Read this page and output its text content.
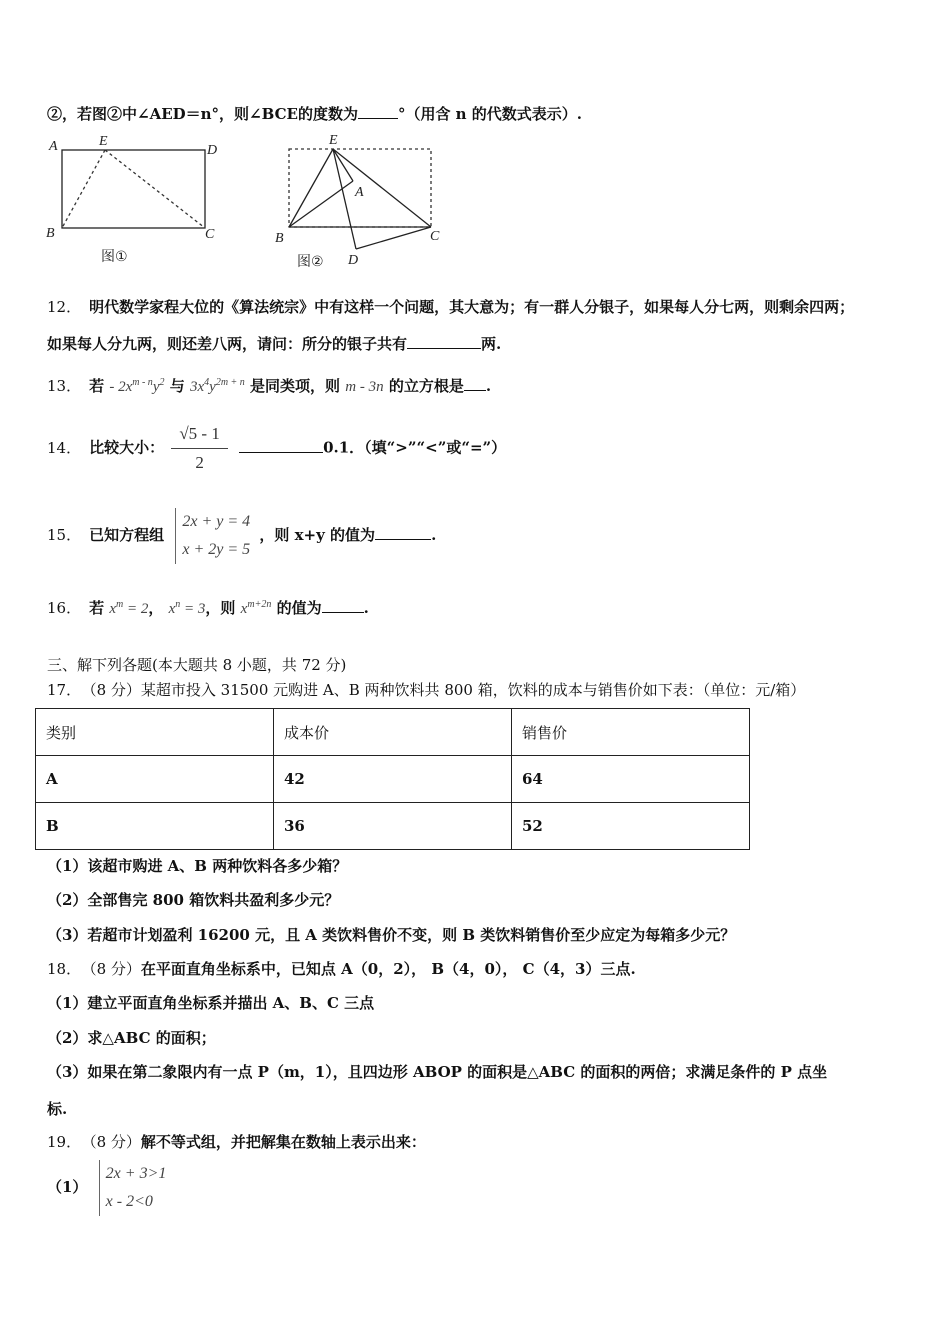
②，若图②中∠AED＝n°，则∠BCE的度数为	°（用含 n 的代数式表示）.
A	E
D
B	C
图①
E
A
B	C
D
图②
12． 明代数学家程大位的《算法统宗》中有这样一个问题，其大意为；有一群人分银子，如果每人分七两，则剩余四两；
如果每人分九两，则还差八两，请问：所分的银子共有	两.
13． 若 - $2x^{m - n}y^2$ 与 $3x^4y^{2m + n}$ 是同类项，则 m - 3n 的立方根是 .
14． 比较大小： $\frac{√5 - 1}{2}$	0.1．（填“>”“<”或“=”）
15． 已知方程组
2x + y = 4
x + 2y = 5
，则 x+y 的值为	.
16． 若 $x^m = 2$， $x^n = 3$，则 $x^{m+2n}$ 的值为	.
三、解下列各题(本大题共 8 小题，共 72 分)
17． （8 分）某超市投入 31500 元购进 A、B 两种饮料共 800 箱，饮料的成本与销售价如下表：（单位：元/箱）
类别	成本价	销售价
A	42	64
B	36	52
（1）该超市购进 A、B 两种饮料各多少箱？
（2）全部售完 800 箱饮料共盈利多少元？
（3）若超市计划盈利 16200 元，且 A 类饮料售价不变，则 B 类饮料销售价至少应定为每箱多少元？
18． （8 分）在平面直角坐标系中，已知点 A（0，2）， B（4，0）， C（4，3）三点.
（1）建立平面直角坐标系并描出 A、B、C 三点
（2）求△ABC 的面积；
（3）如果在第二象限内有一点 P（m，1），且四边形 ABOP 的面积是△ABC 的面积的两倍；求满足条件的 P 点坐
标.
19． （8 分）解不等式组，并把解集在数轴上表示出来：
（1）
2x + 3>1
x - 2<0
